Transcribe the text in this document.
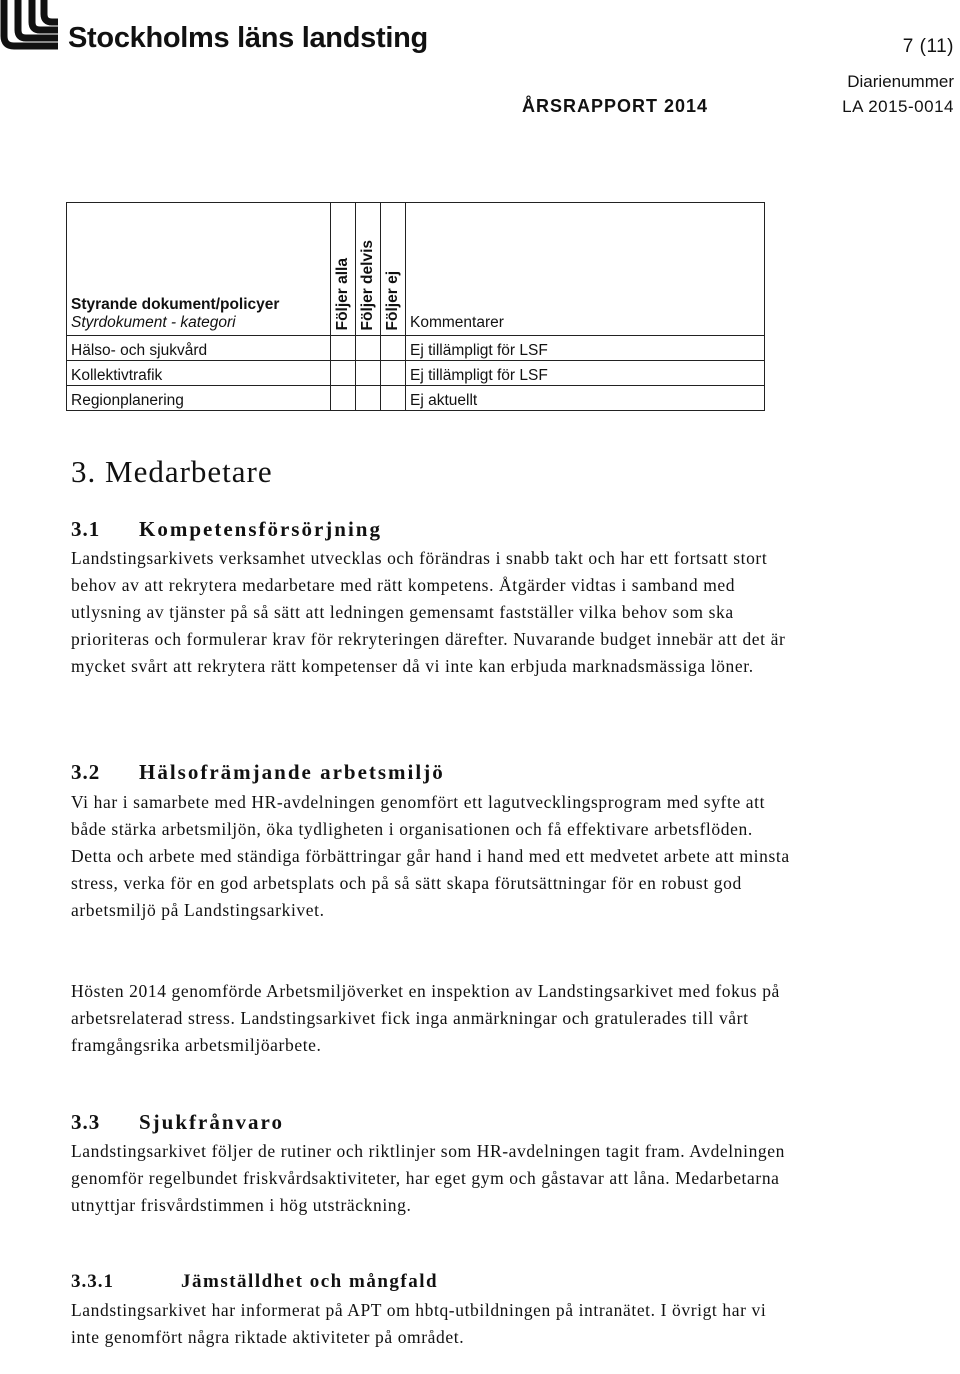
Stockholms läns landsting	7 (11)
ÅRSRAPPORT 2014
Diarienummer
LA 2015-0014
Styrande dokument/policyer
Styrdokument - kategori	Följer alla	Följer delvis	Följer ej	Kommentarer
Hälso- och sjukvård				Ej tillämpligt för LSF
Kollektivtrafik				Ej tillämpligt för LSF
Regionplanering				Ej aktuellt
3. Medarbetare
3.1 Kompetensförsörjning

Landstingsarkivets verksamhet utvecklas och förändras i snabb takt och har ett fortsatt stort behov av att rekrytera medarbetare med rätt kompetens. Åtgärder vidtas i samband med utlysning av tjänster på så sätt att ledningen gemensamt fastställer vilka behov som ska prioriteras och formulerar krav för rekryteringen därefter. Nuvarande budget innebär att det är mycket svårt att rekrytera rätt kompetenser då vi inte kan erbjuda marknadsmässiga löner.

3.2 Hälsofrämjande arbetsmiljö

Vi har i samarbete med HR-avdelningen genomfört ett lagutvecklingsprogram med syfte att både stärka arbetsmiljön, öka tydligheten i organisationen och få effektivare arbetsflöden. Detta och arbete med ständiga förbättringar går hand i hand med ett medvetet arbete att minsta stress, verka för en god arbetsplats och på så sätt skapa förutsättningar för en robust god arbetsmiljö på Landstingsarkivet.

Hösten 2014 genomförde Arbetsmiljöverket en inspektion av Landstingsarkivet med fokus på arbetsrelaterad stress. Landstingsarkivet fick inga anmärkningar och gratulerades till vårt framgångsrika arbetsmiljöarbete.

3.3 Sjukfrånvaro

Landstingsarkivet följer de rutiner och riktlinjer som HR-avdelningen tagit fram. Avdelningen genomför regelbundet friskvårdsaktiviteter, har eget gym och gåstavar att låna. Medarbetarna utnyttjar frisvårdstimmen i hög utsträckning.

3.3.1	Jämställdhet och mångfald

Landstingsarkivet har informerat på APT om hbtq-utbildningen på intranätet. I övrigt har vi inte genomfört några riktade aktiviteter på området.
